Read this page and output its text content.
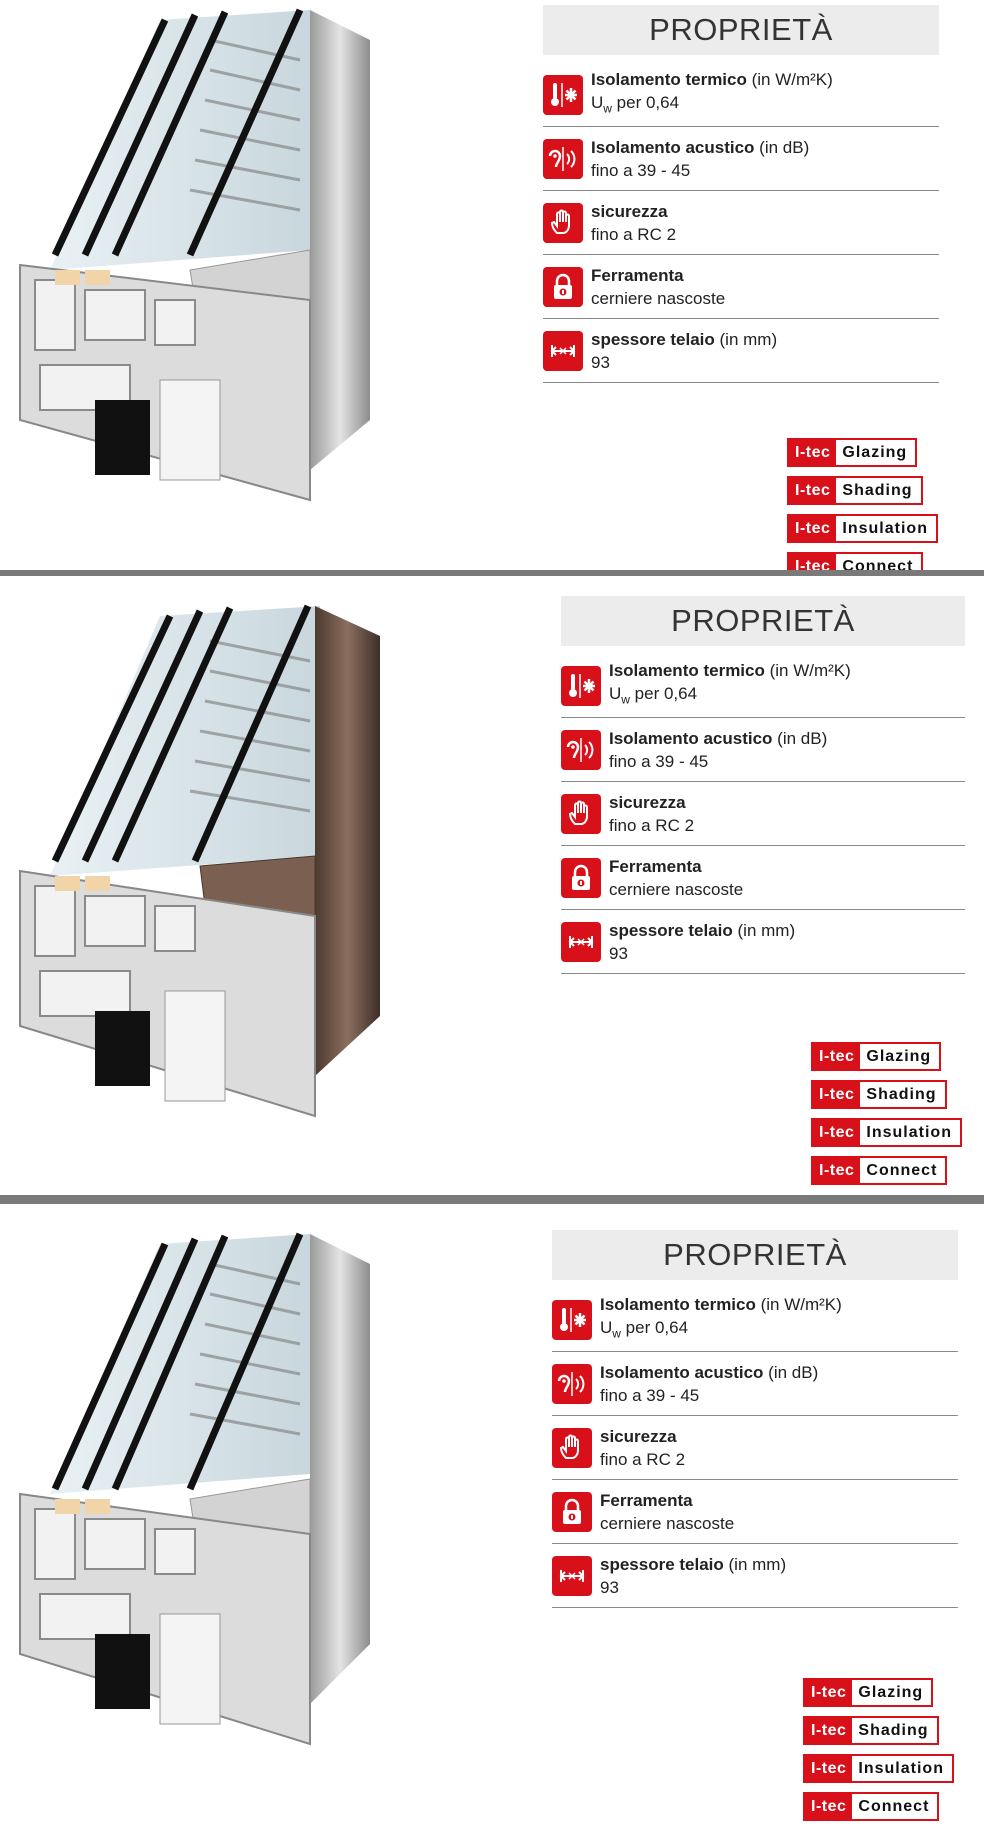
PROPRIETÀ
Isolamento termico (in W/m²K)
$U_w$ per 0,64
Isolamento acustico (in dB)
fino a 39 - 45
sicurezza
fino a RC 2
Ferramenta
cerniere nascoste
spessore telaio (in mm)
93
I-tec Glazing
I-tec Shading
I-tec Insulation
I-tec Connect
PROPRIETÀ
Isolamento termico (in W/m²K)
$U_w$ per 0,64
Isolamento acustico (in dB)
fino a 39 - 45
sicurezza
fino a RC 2
Ferramenta
cerniere nascoste
spessore telaio (in mm)
93
I-tec Glazing
I-tec Shading
I-tec Insulation
I-tec Connect
PROPRIETÀ
Isolamento termico (in W/m²K)
$U_w$ per 0,64
Isolamento acustico (in dB)
fino a 39 - 45
sicurezza
fino a RC 2
Ferramenta
cerniere nascoste
spessore telaio (in mm)
93
I-tec Glazing
I-tec Shading
I-tec Insulation
I-tec Connect
